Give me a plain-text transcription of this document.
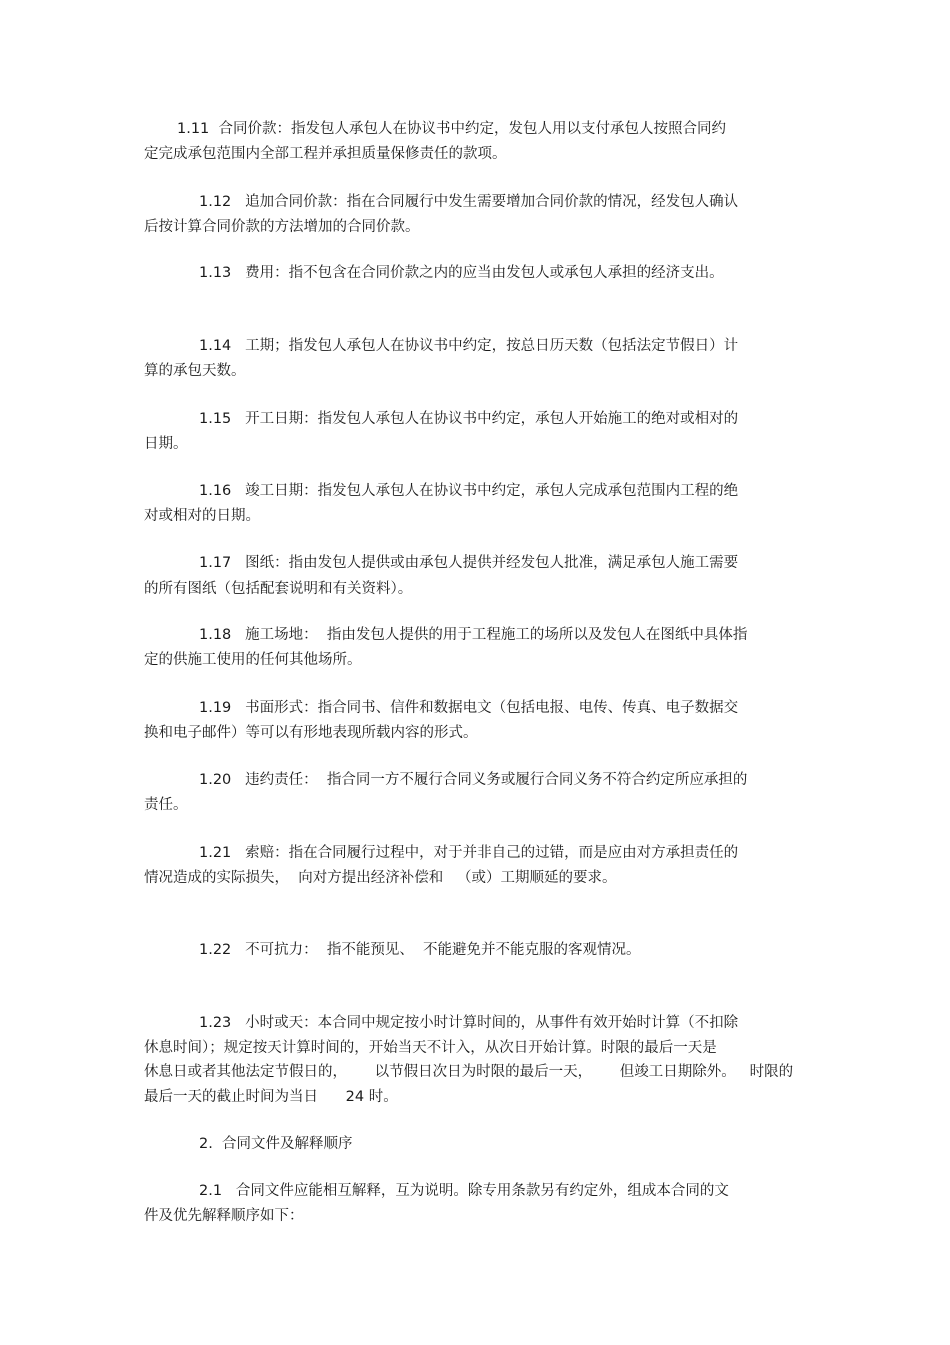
1.11  合同价款：指发包人承包人在协议书中约定，发包人用以支付承包人按照合同约
定完成承包范围内全部工程并承担质量保修责任的款项。
1.12   追加合同价款：指在合同履行中发生需要增加合同价款的情况，经发包人确认
后按计算合同价款的方法增加的合同价款。
1.13   费用：指不包含在合同价款之内的应当由发包人或承包人承担的经济支出。
1.14   工期；指发包人承包人在协议书中约定，按总日历天数（包括法定节假日）计
算的承包天数。
1.15   开工日期：指发包人承包人在协议书中约定，承包人开始施工的绝对或相对的
日期。
1.16   竣工日期：指发包人承包人在协议书中约定，承包人完成承包范围内工程的绝
对或相对的日期。
1.17   图纸：指由发包人提供或由承包人提供并经发包人批准，满足承包人施工需要
的所有图纸（包括配套说明和有关资料）。
1.18   施工场地：  指由发包人提供的用于工程施工的场所以及发包人在图纸中具体指
定的供施工使用的任何其他场所。
1.19   书面形式：指合同书、信件和数据电文（包括电报、电传、传真、电子数据交
换和电子邮件）等可以有形地表现所载内容的形式。
1.20   违约责任：  指合同一方不履行合同义务或履行合同义务不符合约定所应承担的
责任。
1.21   索赔：指在合同履行过程中，对于并非自己的过错，而是应由对方承担责任的
情况造成的实际损失，  向对方提出经济补偿和   （或）工期顺延的要求。
1.22   不可抗力：  指不能预见、  不能避免并不能克服的客观情况。
1.23   小时或天：本合同中规定按小时计算时间的，从事件有效开始时计算（不扣除
休息时间）；规定按天计算时间的，开始当天不计入，从次日开始计算。时限的最后一天是
休息日或者其他法定节假日的，      以节假日次日为时限的最后一天，      但竣工日期除外。   时限的
最后一天的截止时间为当日      24 时。
2.  合同文件及解释顺序
2.1   合同文件应能相互解释，互为说明。除专用条款另有约定外，组成本合同的文
件及优先解释顺序如下：
